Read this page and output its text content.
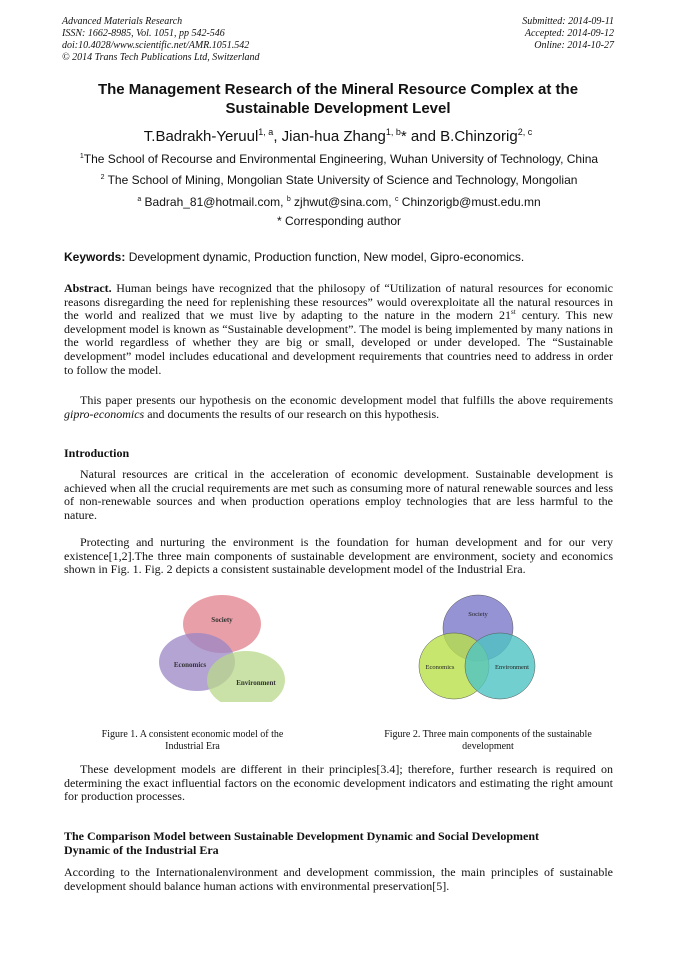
Advanced Materials Research
ISSN: 1662-8985, Vol. 1051, pp 542-546
doi:10.4028/www.scientific.net/AMR.1051.542
© 2014 Trans Tech Publications Ltd, Switzerland
Submitted: 2014-09-11
Accepted: 2014-09-12
Online: 2014-10-27
The Management Research of the Mineral Resource Complex at the
Sustainable Development Level
T.Badrakh-Yeruul$^{1, a}$, Jian-hua Zhang$^{1, b}$* and B.Chinzorig$^{2, c}$
$^1$The School of Recourse and Environmental Engineering, Wuhan University of Technology, China
$^2$ The School of Mining, Mongolian State University of Science and Technology, Mongolian
$^a$ Badrah_81@hotmail.com, $^b$ zjhwut@sina.com, $^c$ Chinzorigb@must.edu.mn
* Corresponding author
Keywords: Development dynamic, Production function, New model, Gipro-economics.
Abstract. Human beings have recognized that the philosopy of “Utilization of natural resources for economic reasons disregarding the need for replenishing these resources” would overexploitate all the natural resources in the world and realized that we must live by adapting to the nature in the modern 21st century. This new development model is known as “Sustainable development”. The model is being implemented by many nations in the world regardless of whether they are big or small, developed or under developed. The “Sustainable development” model includes educational and development requirements that countries need to address in order to follow the model.
This paper presents our hypothesis on the economic development model that fulfills the above requirements gipro-economics and documents the results of our research on this hypothesis.
Introduction
Natural resources are critical in the acceleration of economic development. Sustainable development is achieved when all the crucial requirements are met such as consuming more of natural renewable sources and less of non-renewable sources and when production operations employ technologies that are less harmful to the nature.
Protecting and nurturing the environment is the foundation for human development and for our very existence[1,2].The three main components of sustainable development are environment, society and economics shown in Fig. 1. Fig. 2 depicts a consistent sustainable development model of the Industrial Era.
Society
Economics
Environment
Figure 1. A consistent economic model of the
Industrial Era
Society
Economics	Environment
Figure 2. Three main components of the sustainable
development
These development models are different in their principles[3.4]; therefore, further research is required on determining the exact influential factors on the economic development indicators and estimating the right amount for production processes.
The Comparison Model between Sustainable Development Dynamic and Social Development
Dynamic of the Industrial Era
According to the Internationalenvironment and development commission, the main principles of sustainable development should balance human actions with environmental preservation[5].
